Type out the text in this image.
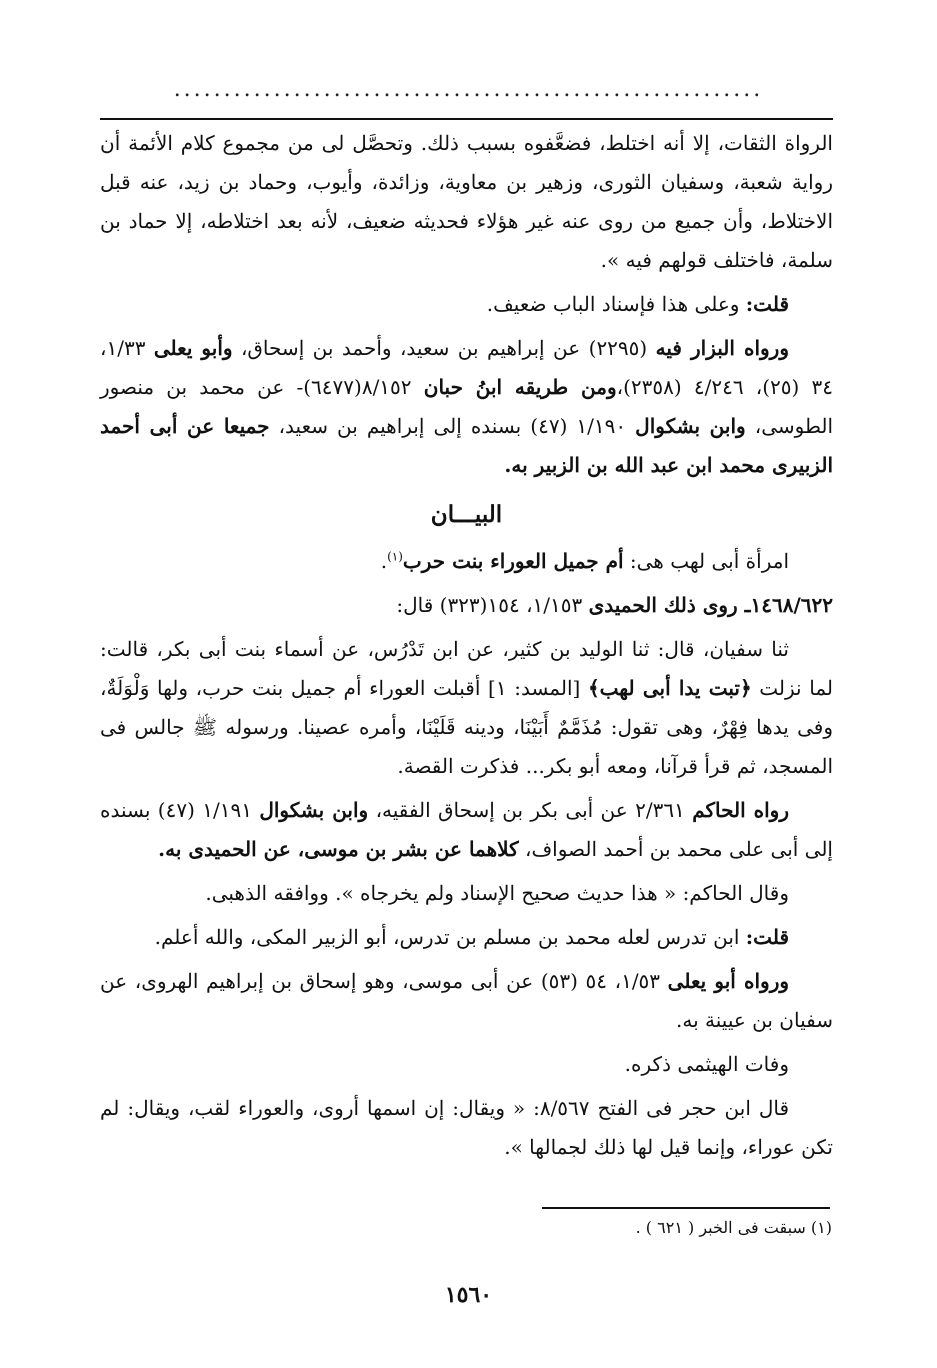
...........................................................

الرواة الثقات، إلا أنه اختلط، فضعَّفوه بسبب ذلك. وتحصَّل لى من مجموع كلام الأئمة أن رواية شعبة، وسفيان الثورى، وزهير بن معاوية، وزائدة، وأيوب، وحماد بن زيد، عنه قبل الاختلاط، وأن جميع من روى عنه غير هؤلاء فحديثه ضعيف، لأنه بعد اختلاطه، إلا حماد بن سلمة، فاختلف قولهم فيه ».

قلت: وعلى هذا فإسناد الباب ضعيف.

ورواه البزار فيه (٢٢٩٥) عن إبراهيم بن سعيد، وأحمد بن إسحاق، وأبو يعلى ١/٣٣، ٣٤ (٢٥)، ٤/٢٤٦ (٢٣٥٨)،ومن طريقه ابنُ حبان ٨/١٥٢(٦٤٧٧)- عن محمد بن منصور الطوسى، وابن بشكوال ١/١٩٠ (٤٧) بسنده إلى إبراهيم بن سعيد، جميعا عن أبى أحمد الزبيرى محمد ابن عبد الله بن الزبير به.

البيـــان

امرأة أبى لهب هى: أم جميل العوراء بنت حرب$^{(١)}$.

١٤٦٨/٦٢٢ـ روى ذلك الحميدى ١/١٥٣، ١٥٤(٣٢٣) قال:

ثنا سفيان، قال: ثنا الوليد بن كثير، عن ابن تَدْرُس، عن أسماء بنت أبى بكر، قالت: لما نزلت ﴿تبت يدا أبى لهب﴾ [المسد: ١] أقبلت العوراء أم جميل بنت حرب، ولها وَلْوَلَةٌ، وفى يدها فِهْرٌ، وهى تقول: مُذَمَّمٌ أَبَيْنَا، ودينه قَلَيْنَا، وأمره عصينا. ورسوله ﷺ جالس فى المسجد، ثم قرأ قرآنا، ومعه أبو بكر... فذكرت القصة.

رواه الحاكم ٢/٣٦١ عن أبى بكر بن إسحاق الفقيه، وابن بشكوال ١/١٩١ (٤٧) بسنده إلى أبى على محمد بن أحمد الصواف، كلاهما عن بشر بن موسى، عن الحميدى به.

وقال الحاكم: « هذا حديث صحيح الإسناد ولم يخرجاه ». ووافقه الذهبى.

قلت: ابن تدرس لعله محمد بن مسلم بن تدرس، أبو الزبير المكى، والله أعلم.

ورواه أبو يعلى ١/٥٣، ٥٤ (٥٣) عن أبى موسى، وهو إسحاق بن إبراهيم الهروى، عن سفيان بن عيينة به.

وفات الهيثمى ذكره.

قال ابن حجر فى الفتح ٨/٥٦٧: « ويقال: إن اسمها أروى، والعوراء لقب، ويقال: لم تكن عوراء، وإنما قيل لها ذلك لجمالها ».

(١) سبقت فى الخبر ( ٦٢١ ) .
١٥٦٠
